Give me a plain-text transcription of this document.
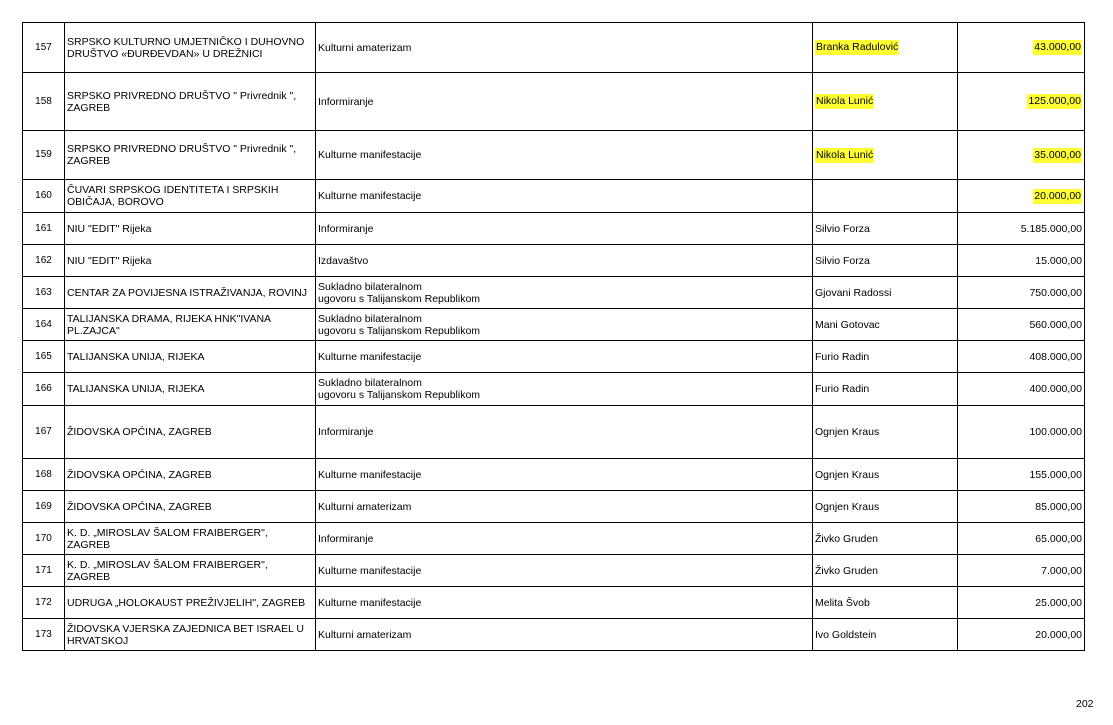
157	SRPSKO KULTURNO UMJETNIČKO I DUHOVNO
DRUŠTVO «ĐURĐEVDAN» U DREŽNICI	Kulturni amaterizam	Branka Radulović	43.000,00
158	SRPSKO PRIVREDNO DRUŠTVO " Privrednik ",
ZAGREB	Informiranje	Nikola Lunić	125.000,00
159	SRPSKO PRIVREDNO DRUŠTVO " Privrednik ",
ZAGREB	Kulturne manifestacije	Nikola Lunić	35.000,00
160	ČUVARI SRPSKOG IDENTITETA I SRPSKIH
OBIČAJA, BOROVO	Kulturne manifestacije		20.000,00
161	NIU "EDIT" Rijeka	Informiranje	Silvio Forza	5.185.000,00
162	NIU "EDIT" Rijeka	Izdavaštvo	Silvio Forza	15.000,00
163	CENTAR ZA POVIJESNA ISTRAŽIVANJA, ROVINJ	Sukladno bilateralnom
ugovoru s Talijanskom Republikom	Gjovani Radossi	750.000,00
164	TALIJANSKA DRAMA, RIJEKA HNK"IVANA
PL.ZAJCA"	Sukladno bilateralnom
ugovoru s Talijanskom Republikom	Mani Gotovac	560.000,00
165	TALIJANSKA UNIJA, RIJEKA	Kulturne manifestacije	Furio Radin	408.000,00
166	TALIJANSKA UNIJA, RIJEKA	Sukladno bilateralnom
ugovoru s Talijanskom Republikom	Furio Radin	400.000,00
167	ŽIDOVSKA OPĆINA, ZAGREB	Informiranje	Ognjen Kraus	100.000,00
168	ŽIDOVSKA OPĆINA, ZAGREB	Kulturne manifestacije	Ognjen Kraus	155.000,00
169	ŽIDOVSKA OPĆINA, ZAGREB	Kulturni amaterizam	Ognjen Kraus	85.000,00
170	K. D. „MIROSLAV ŠALOM FRAIBERGER",
ZAGREB	Informiranje	Živko Gruden	65.000,00
171	K. D. „MIROSLAV ŠALOM FRAIBERGER",
ZAGREB	Kulturne manifestacije	Živko Gruden	7.000,00
172	UDRUGA „HOLOKAUST PREŽIVJELIH", ZAGREB	Kulturne manifestacije	Melita Švob	25.000,00
173	ŽIDOVSKA VJERSKA ZAJEDNICA BET ISRAEL U
HRVATSKOJ	Kulturni amaterizam	Ivo Goldstein	20.000,00
202
